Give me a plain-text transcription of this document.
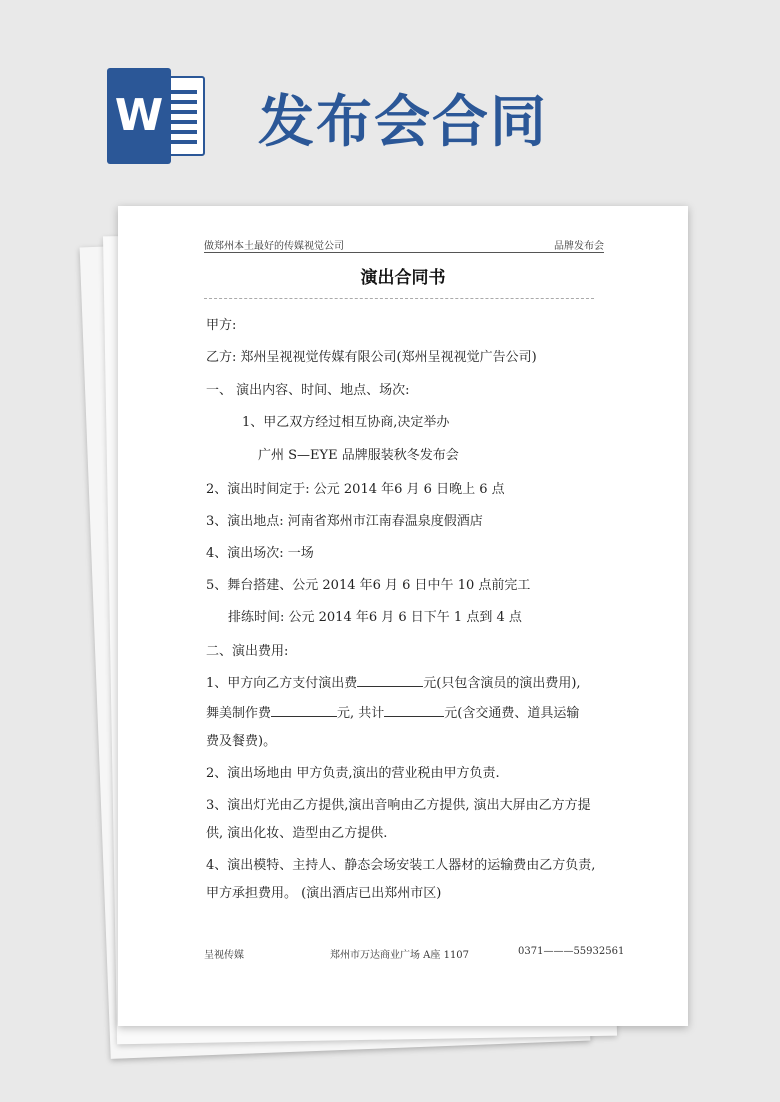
W 发布会合同
做郑州本土最好的传媒视觉公司	品牌发布会
演出合同书
甲方:
乙方: 郑州呈视视觉传媒有限公司(郑州呈视视觉广告公司)
一、 演出内容、时间、地点、场次:
1、甲乙双方经过相互协商,决定举办
广州 S—EYE 品牌服装秋冬发布会
2、演出时间定于: 公元 2014 年6 月 6 日晚上 6 点
3、演出地点: 河南省郑州市江南春温泉度假酒店
4、演出场次: 一场
5、舞台搭建、公元 2014 年6 月 6 日中午 10 点前完工
排练时间: 公元 2014 年6 月 6 日下午 1 点到 4 点
二、演出费用:
1、甲方向乙方支付演出费	元(只包含演员的演出费用),
舞美制作费	元, 共计	元(含交通费、道具运输
费及餐费)。
2、演出场地由 甲方负责,演出的营业税由甲方负责.
3、演出灯光由乙方提供,演出音响由乙方提供, 演出大屏由乙方方提
供, 演出化妆、造型由乙方提供.
4、演出模特、主持人、静态会场安装工人器材的运输费由乙方负责,
甲方承担费用。 (演出酒店已出郑州市区)
呈视传媒	郑州市万达商业广场 A座 1107	0371———55932561
